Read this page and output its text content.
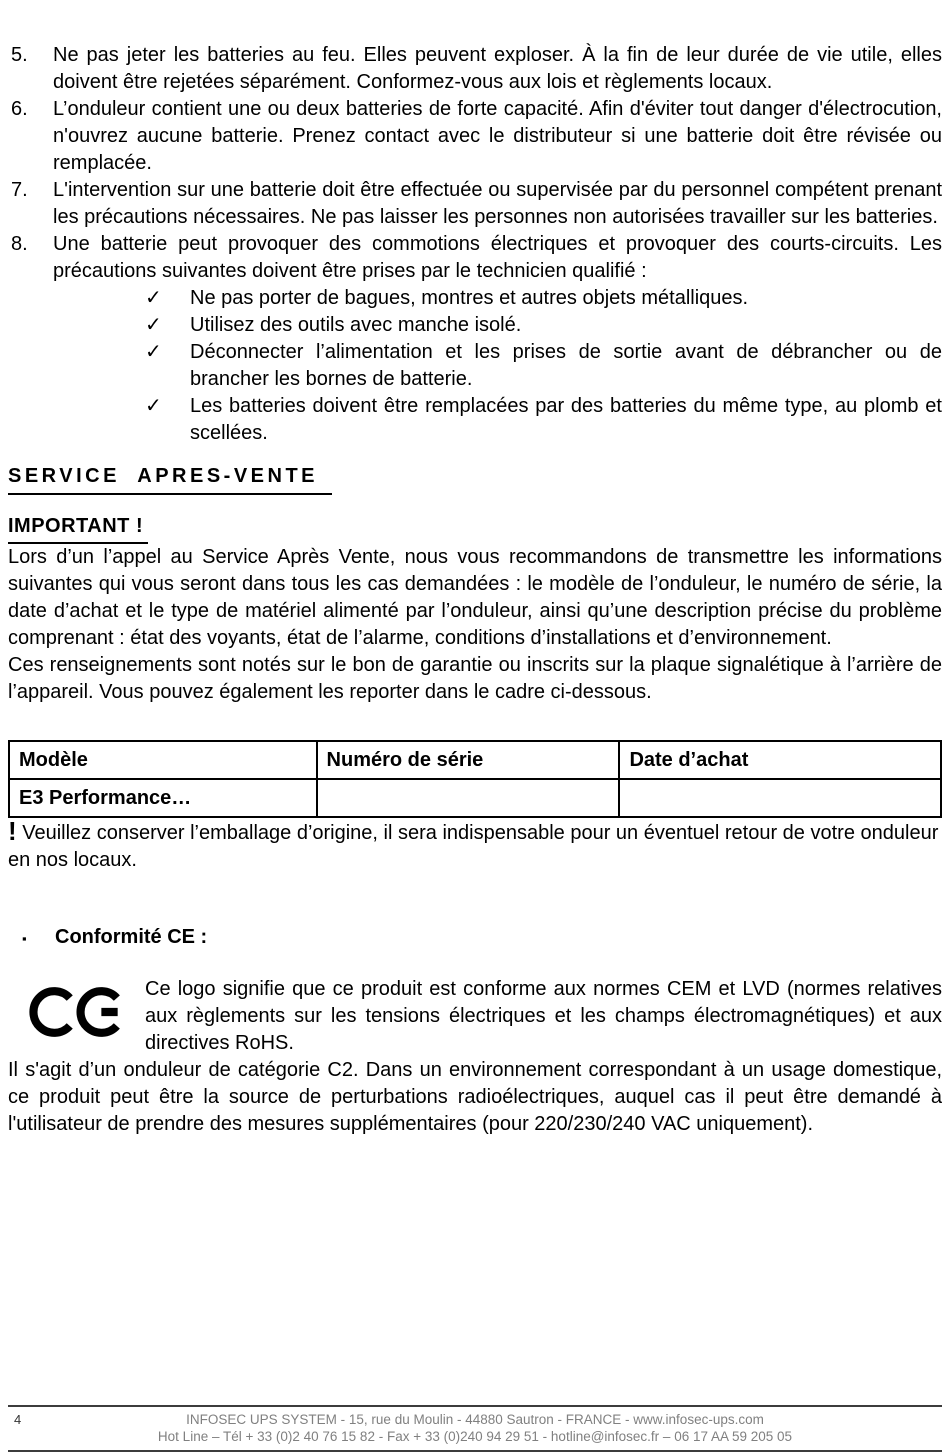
5.	Ne pas jeter les batteries au feu. Elles peuvent exploser. À la fin de leur durée de vie utile, elles doivent être rejetées séparément. Conformez-vous aux lois et règlements locaux.
6.	L’onduleur contient une ou deux batteries de forte capacité. Afin d'éviter tout danger d'électrocution, n'ouvrez aucune batterie. Prenez contact avec le distributeur si une batterie doit être révisée ou remplacée.
7.	L'intervention sur une batterie doit être effectuée ou supervisée par du personnel compétent prenant les précautions nécessaires. Ne pas laisser les personnes non autorisées travailler sur les batteries.
8.	Une batterie peut provoquer des commotions électriques et provoquer des courts-circuits. Les précautions suivantes doivent être prises par le technicien qualifié :
✓	Ne pas porter de bagues, montres et autres objets métalliques.
✓	Utilisez des outils avec manche isolé.
✓	Déconnecter l’alimentation et les prises de sortie avant de débrancher ou de brancher les bornes de batterie.
✓	Les batteries doivent être remplacées par des batteries du même type, au plomb et scellées.
SERVICE APRES-VENTE
IMPORTANT !

Lors d’un l’appel au Service Après Vente, nous vous recommandons de transmettre les informations suivantes qui vous seront dans tous les cas demandées : le modèle de l’onduleur, le numéro de série, la date d’achat et le type de matériel alimenté par l’onduleur, ainsi qu’une description précise du problème comprenant : état des voyants, état de l’alarme, conditions d’installations et d’environnement.

Ces renseignements sont notés sur le bon de garantie ou inscrits sur la plaque signalétique à l’arrière de l’appareil. Vous pouvez également les reporter dans le cadre ci-dessous.

Modèle	Numéro de série	Date d’achat
E3 Performance…		

! Veuillez conserver l’emballage d’origine, il sera indispensable pour un éventuel retour de votre onduleur en nos locaux.

▪	Conformité CE :
Ce logo signifie que ce produit est conforme aux normes CEM et LVD (normes relatives aux règlements sur les tensions électriques et les champs électromagnétiques) et aux directives RoHS.

Il s'agit d’un onduleur de catégorie C2. Dans un environnement correspondant à un usage domestique, ce produit peut être la source de perturbations radioélectriques, auquel cas il peut être demandé à l'utilisateur de prendre des mesures supplémentaires (pour 220/230/240 VAC uniquement).

4	INFOSEC UPS SYSTEM - 15, rue du Moulin - 44880 Sautron - FRANCE - www.infosec-ups.com
Hot Line – Tél + 33 (0)2 40 76 15 82 - Fax + 33 (0)240 94 29 51 - hotline@infosec.fr – 06 17 AA 59 205 05
